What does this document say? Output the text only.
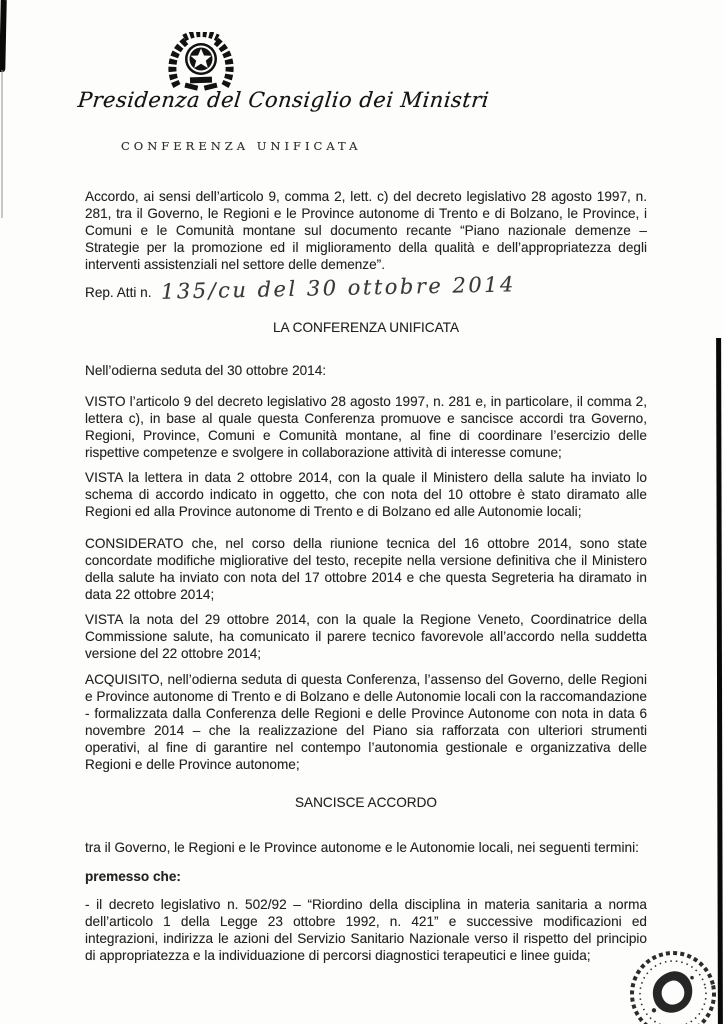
Presidenza del Consiglio dei Ministri
CONFERENZA UNIFICATA
Accordo, ai sensi dell’articolo 9, comma 2, lett. c) del decreto legislativo 28 agosto 1997, n. 281, tra il Governo, le Regioni e le Province autonome di Trento e di Bolzano, le Province, i Comuni e le Comunità montane sul documento recante “Piano nazionale demenze – Strategie per la promozione ed il miglioramento della qualità e dell’appropriatezza degli interventi assistenziali nel settore delle demenze”.
Rep. Atti n. 135/cu del 30 ottobre 2014
LA CONFERENZA UNIFICATA
Nell’odierna seduta del 30 ottobre 2014:
VISTO l’articolo 9 del decreto legislativo 28 agosto 1997, n. 281 e, in particolare, il comma 2, lettera c), in base al quale questa Conferenza promuove e sancisce accordi tra Governo, Regioni, Province, Comuni e Comunità montane, al fine di coordinare l’esercizio delle rispettive competenze e svolgere in collaborazione attività di interesse comune;
VISTA la lettera in data 2 ottobre 2014, con la quale il Ministero della salute ha inviato lo schema di accordo indicato in oggetto, che con nota del 10 ottobre è stato diramato alle Regioni ed alla Province autonome di Trento e di Bolzano ed alle Autonomie locali;
CONSIDERATO che, nel corso della riunione tecnica del 16 ottobre 2014, sono state concordate modifiche migliorative del testo, recepite nella versione definitiva che il Ministero della salute ha inviato con nota del 17 ottobre 2014 e che questa Segreteria ha diramato in data 22 ottobre 2014;
VISTA la nota del 29 ottobre 2014, con la quale la Regione Veneto, Coordinatrice della Commissione salute, ha comunicato il parere tecnico favorevole all’accordo nella suddetta versione del 22 ottobre 2014;
ACQUISITO, nell’odierna seduta di questa Conferenza, l’assenso del Governo, delle Regioni e Province autonome di Trento e di Bolzano e delle Autonomie locali con la raccomandazione - formalizzata dalla Conferenza delle Regioni e delle Province Autonome con nota in data 6 novembre 2014 – che la realizzazione del Piano sia rafforzata con ulteriori strumenti operativi, al fine di garantire nel contempo l’autonomia gestionale e organizzativa delle Regioni e delle Province autonome;
SANCISCE ACCORDO
tra il Governo, le Regioni e le Province autonome e le Autonomie locali, nei seguenti termini:
premesso che:
- il decreto legislativo n. 502/92 – “Riordino della disciplina in materia sanitaria a norma dell’articolo 1 della Legge 23 ottobre 1992, n. 421” e successive modificazioni ed integrazioni, indirizza le azioni del Servizio Sanitario Nazionale verso il rispetto del principio di appropriatezza e la individuazione di percorsi diagnostici terapeutici e linee guida;
